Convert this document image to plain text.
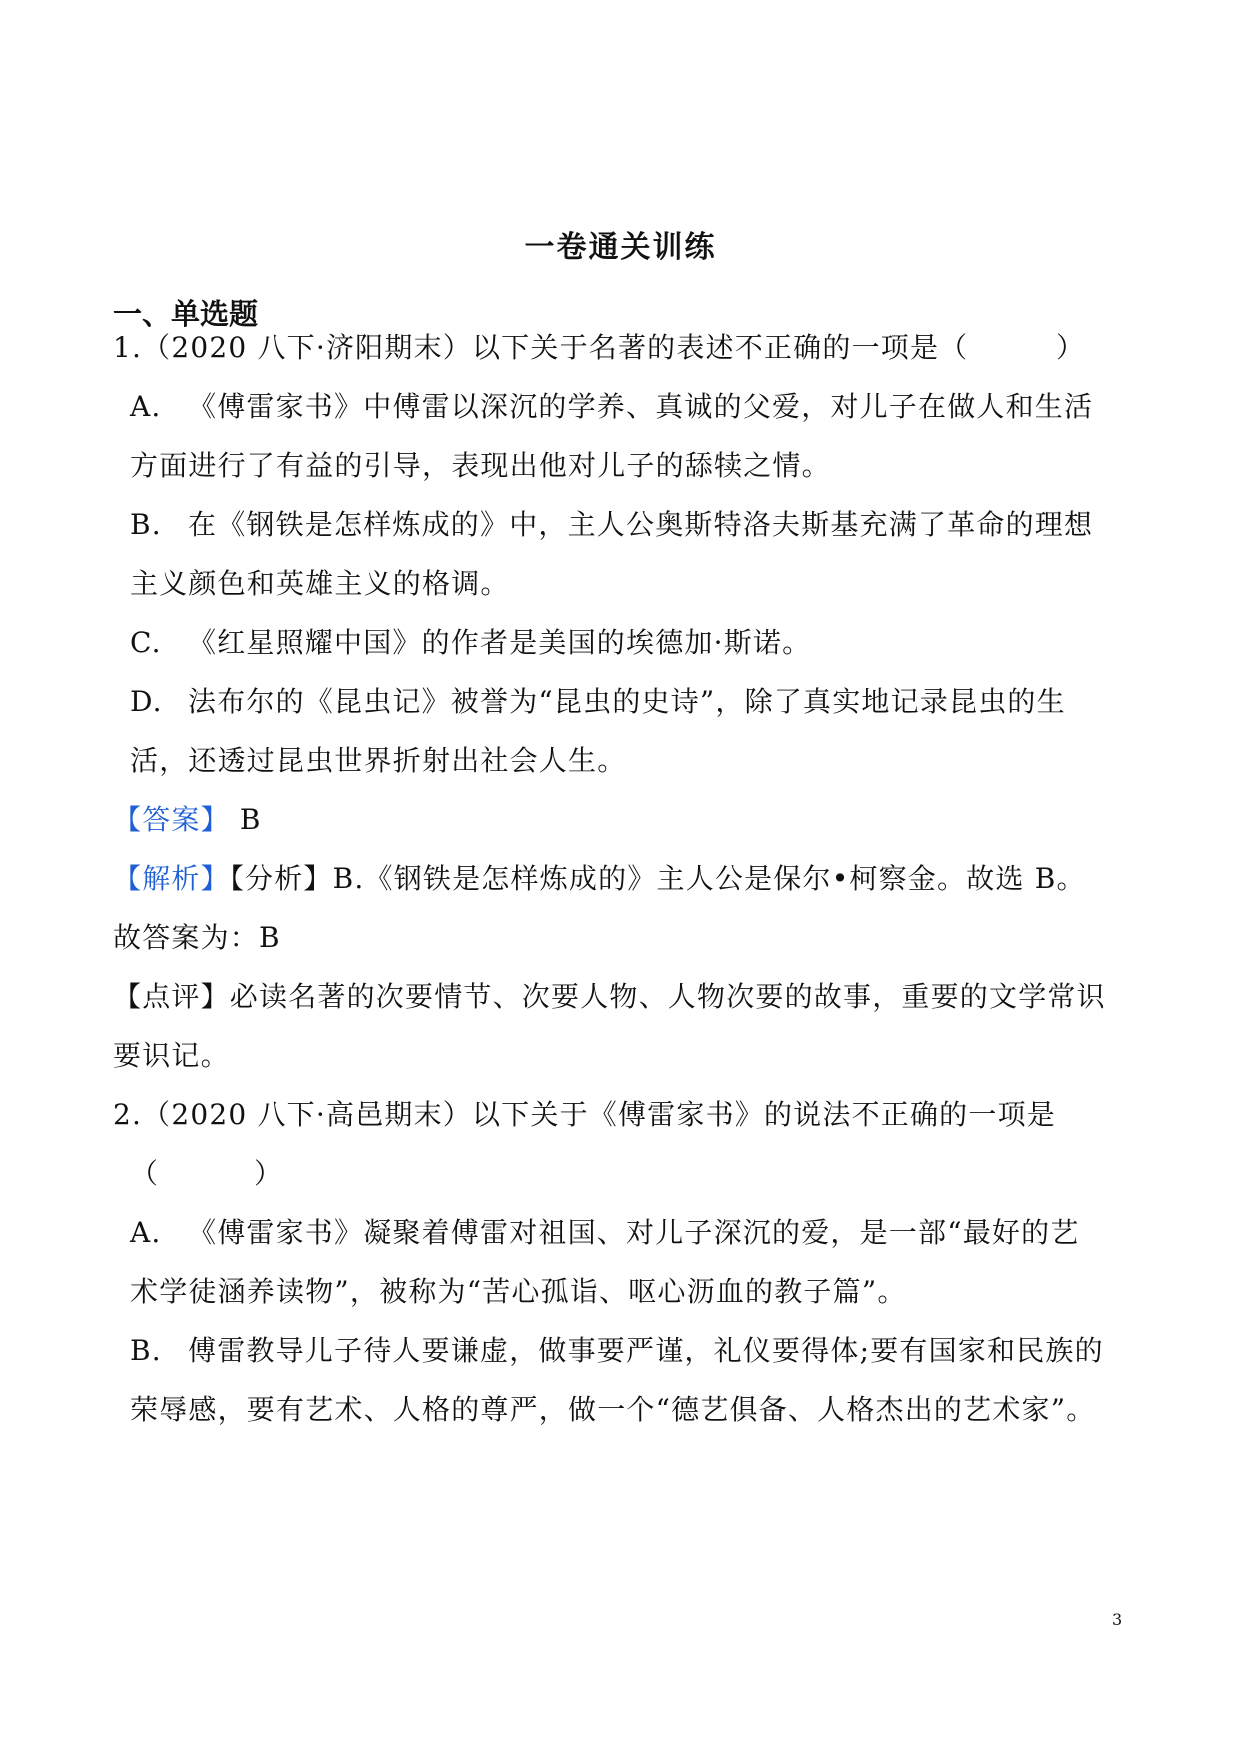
一卷通关训练
一、单选题
1.（2020 八下·济阳期末）以下关于名著的表述不正确的一项是（　　　）
A. 《傅雷家书》中傅雷以深沉的学养、真诚的父爱，对儿子在做人和生活
方面进行了有益的引导，表现出他对儿子的舔犊之情。
B. 在《钢铁是怎样炼成的》中，主人公奥斯特洛夫斯基充满了革命的理想
主义颜色和英雄主义的格调。
C. 《红星照耀中国》的作者是美国的埃德加·斯诺。
D. 法布尔的《昆虫记》被誉为“昆虫的史诗”，除了真实地记录昆虫的生
活，还透过昆虫世界折射出社会人生。
【答案】 B
【解析】【分析】B.《钢铁是怎样炼成的》主人公是保尔•柯察金。故选 B。
故答案为：B
【点评】必读名著的次要情节、次要人物、人物次要的故事，重要的文学常识
要识记。
2.（2020 八下·高邑期末）以下关于《傅雷家书》的说法不正确的一项是
（　　　）
A. 《傅雷家书》凝聚着傅雷对祖国、对儿子深沉的爱，是一部“最好的艺
术学徒涵养读物”，被称为“苦心孤诣、呕心沥血的教子篇”。
B. 傅雷教导儿子待人要谦虚，做事要严谨，礼仪要得体;要有国家和民族的
荣辱感，要有艺术、人格的尊严，做一个“德艺俱备、人格杰出的艺术家”。
3
